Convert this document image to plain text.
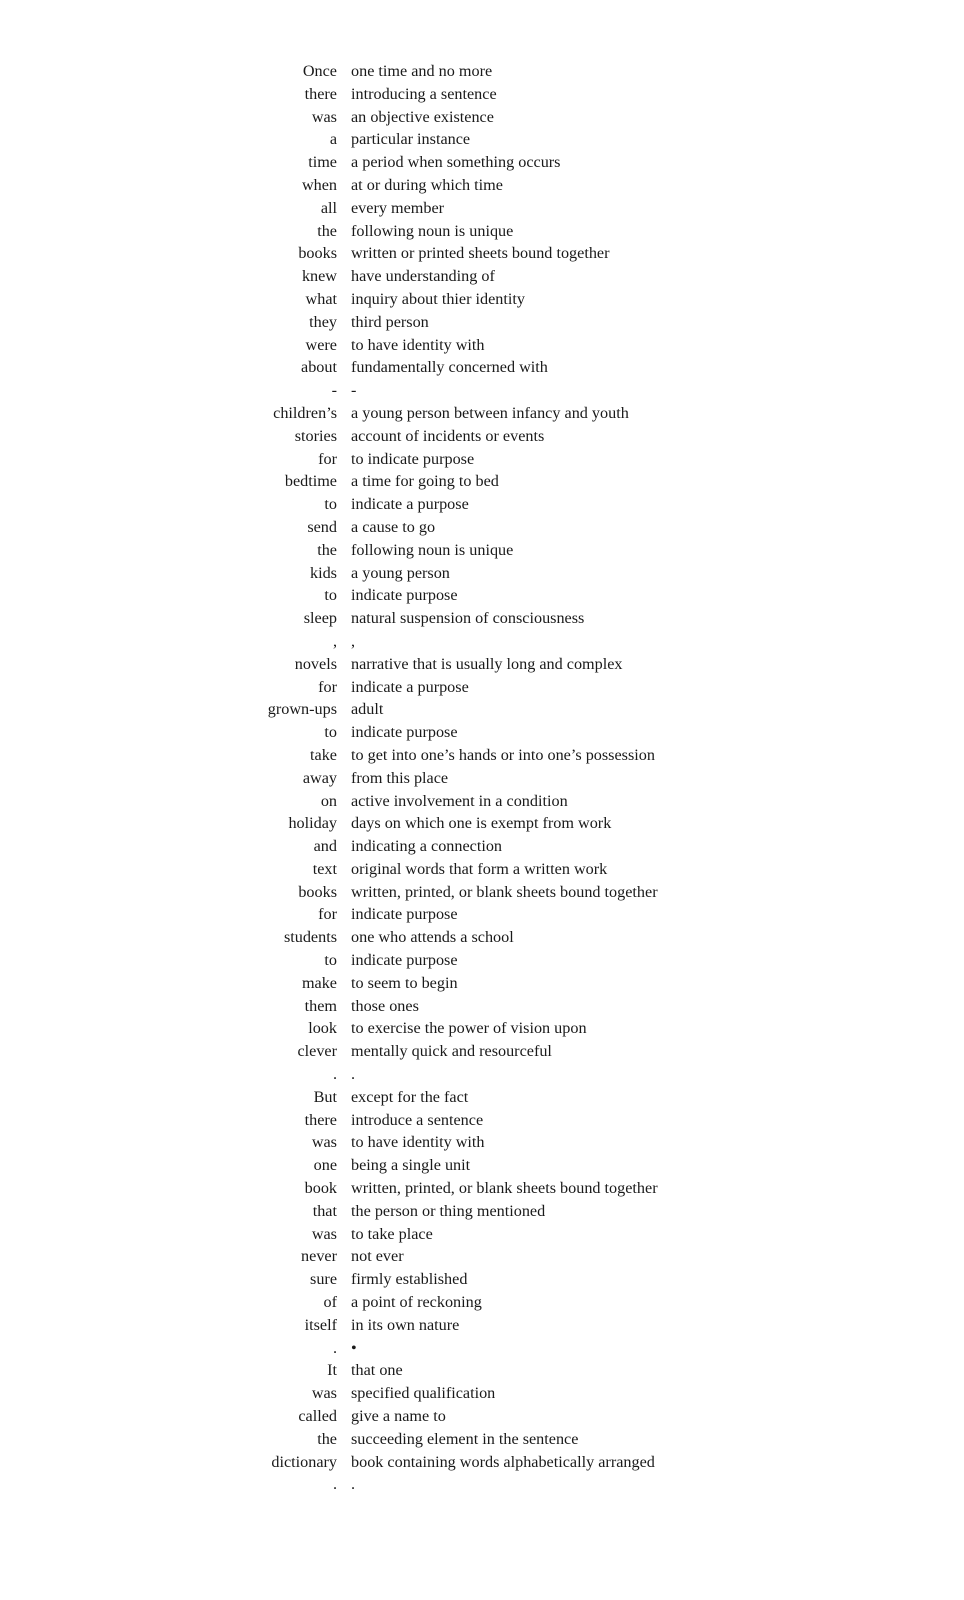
Once one time and no more
there introducing a sentence
was an objective existence
a particular instance
time a period when something occurs
when at or during which time
all every member
the following noun is unique
books written or printed sheets bound together
knew have understanding of
what inquiry about thier identity
they third person
were to have identity with
about fundamentally concerned with
- -
children’s a young person between infancy and youth
stories account of incidents or events
for to indicate purpose
bedtime a time for going to bed
to indicate a purpose
send a cause to go
the following noun is unique
kids a young person
to indicate purpose
sleep natural suspension of consciousness
, ,
novels narrative that is usually long and complex
for indicate a purpose
grown-ups adult
to indicate purpose
take to get into one’s hands or into one’s possession
away from this place
on active involvement in a condition
holiday days on which one is exempt from work
and indicating a connection
text original words that form a written work
books written, printed, or blank sheets bound together
for indicate purpose
students one who attends a school
to indicate purpose
make to seem to begin
them those ones
look to exercise the power of vision upon
clever mentally quick and resourceful
. .
But except for the fact
there introduce a sentence
was to have identity with
one being a single unit
book written, printed, or blank sheets bound together
that the person or thing mentioned
was to take place
never not ever
sure firmly established
of a point of reckoning
itself in its own nature
. •
It that one
was specified qualification
called give a name to
the succeeding element in the sentence
dictionary book containing words alphabetically arranged
. .
